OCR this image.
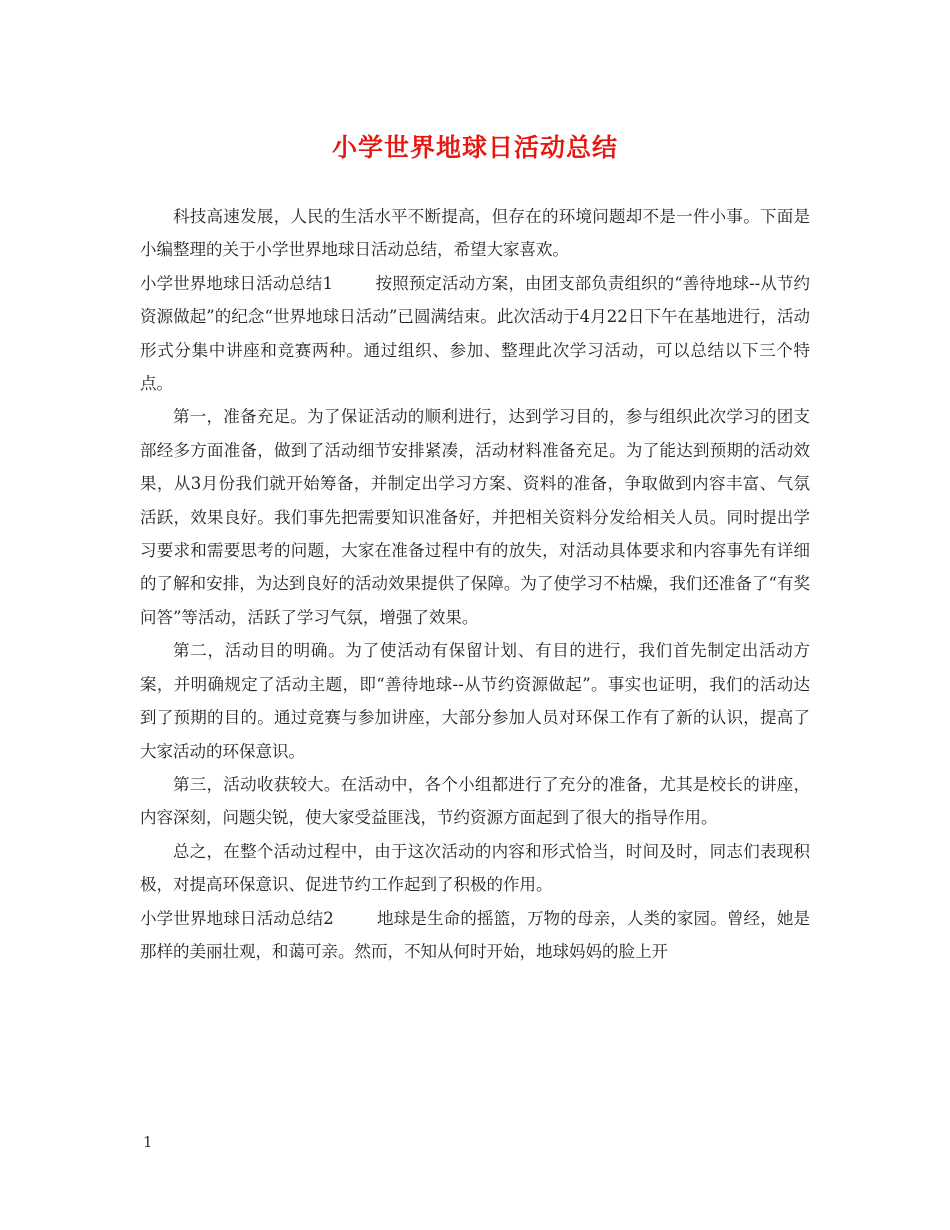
小学世界地球日活动总结

科技高速发展，人民的生活水平不断提高，但存在的环境问题却不是一件小事。下面是小编整理的关于小学世界地球日活动总结，希望大家喜欢。

小学世界地球日活动总结1	按照预定活动方案，由团支部负责组织的“善待地球--从节约资源做起”的纪念“世界地球日活动”已圆满结束。此次活动于4月22日下午在基地进行，活动形式分集中讲座和竞赛两种。通过组织、参加、整理此次学习活动，可以总结以下三个特点。

第一，准备充足。为了保证活动的顺利进行，达到学习目的，参与组织此次学习的团支部经多方面准备，做到了活动细节安排紧凑，活动材料准备充足。为了能达到预期的活动效果，从3月份我们就开始筹备，并制定出学习方案、资料的准备，争取做到内容丰富、气氛活跃，效果良好。我们事先把需要知识准备好，并把相关资料分发给相关人员。同时提出学习要求和需要思考的问题，大家在准备过程中有的放失，对活动具体要求和内容事先有详细的了解和安排，为达到良好的活动效果提供了保障。为了使学习不枯燥，我们还准备了“有奖问答”等活动，活跃了学习气氛，增强了效果。

第二，活动目的明确。为了使活动有保留计划、有目的进行，我们首先制定出活动方案，并明确规定了活动主题，即“善待地球--从节约资源做起”。事实也证明，我们的活动达到了预期的目的。通过竞赛与参加讲座，大部分参加人员对环保工作有了新的认识，提高了大家活动的环保意识。

第三，活动收获较大。在活动中，各个小组都进行了充分的准备，尤其是校长的讲座，内容深刻，问题尖锐，使大家受益匪浅，节约资源方面起到了很大的指导作用。

总之，在整个活动过程中，由于这次活动的内容和形式恰当，时间及时，同志们表现积极，对提高环保意识、促进节约工作起到了积极的作用。

小学世界地球日活动总结2	地球是生命的摇篮，万物的母亲，人类的家园。曾经，她是那样的美丽壮观，和蔼可亲。然而，不知从何时开始，地球妈妈的脸上开

1
